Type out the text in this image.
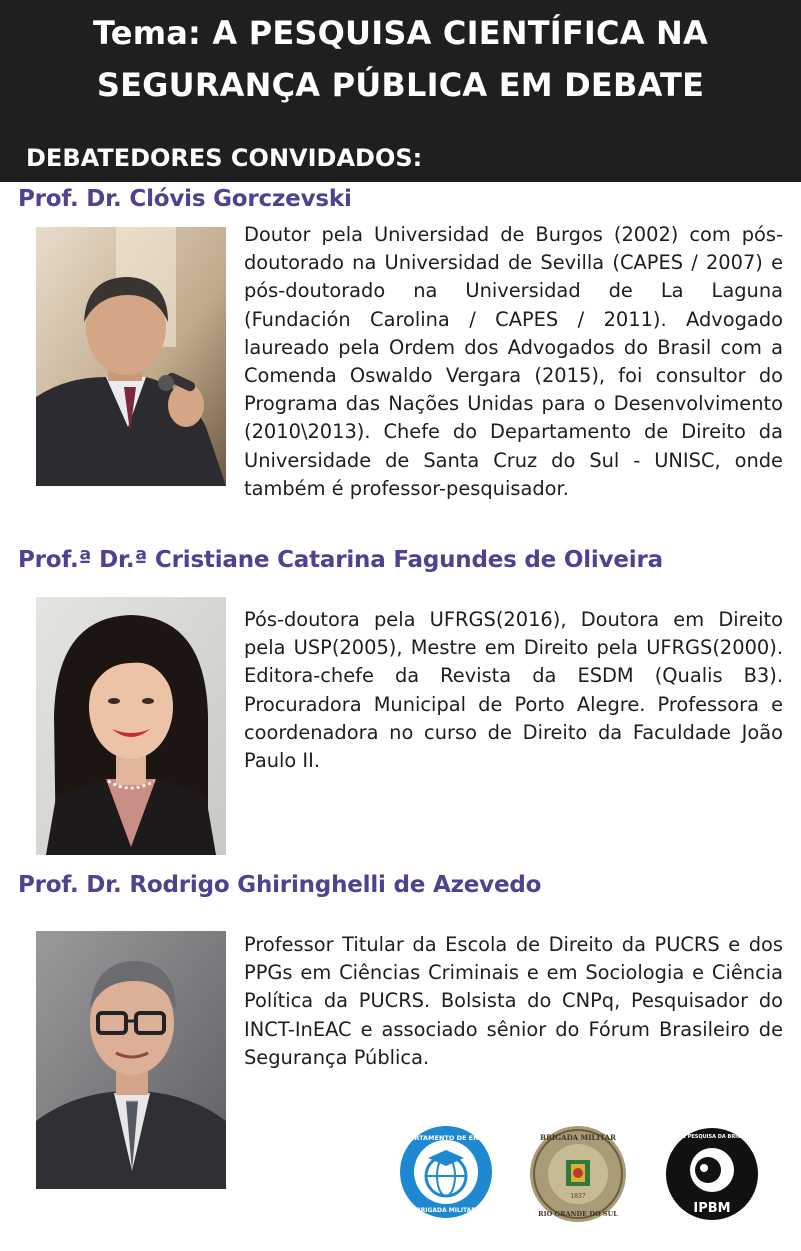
Tema: A PESQUISA CIENTÍFICA NA
SEGURANÇA PÚBLICA EM DEBATE
DEBATEDORES CONVIDADOS:
Prof. Dr. Clóvis Gorczevski
Doutor pela Universidad de Burgos (2002) com pós-doutorado na Universidad de Sevilla (CAPES / 2007) e pós-doutorado na Universidad de La Laguna (Fundación Carolina / CAPES / 2011). Advogado laureado pela Ordem dos Advogados do Brasil com a Comenda Oswaldo Vergara (2015), foi consultor do Programa das Nações Unidas para o Desenvolvimento (2010\2013). Chefe do Departamento de Direito da Universidade de Santa Cruz do Sul - UNISC, onde também é professor-pesquisador.
Prof.ª Dr.ª Cristiane Catarina Fagundes de Oliveira
Pós-doutora pela UFRGS(2016), Doutora em Direito pela USP(2005), Mestre em Direito pela UFRGS(2000). Editora-chefe da Revista da ESDM (Qualis B3). Procuradora Municipal de Porto Alegre. Professora e coordenadora no curso de Direito da Faculdade João Paulo II.
Prof. Dr. Rodrigo Ghiringhelli de Azevedo
Professor Titular da Escola de Direito da PUCRS e dos PPGs em Ciências Criminais e em Sociologia e Ciência Política da PUCRS. Bolsista do CNPq, Pesquisador do INCT-InEAC e associado sênior do Fórum Brasileiro de Segurança Pública.
DEPARTAMENTO DE ENSINO
BRIGADA MILITAR
BRIGADA MILITAR
1837
RIO GRANDE DO SUL
INSTITUTO DE PESQUISA DA BRIGADA MILITAR
IPBM
